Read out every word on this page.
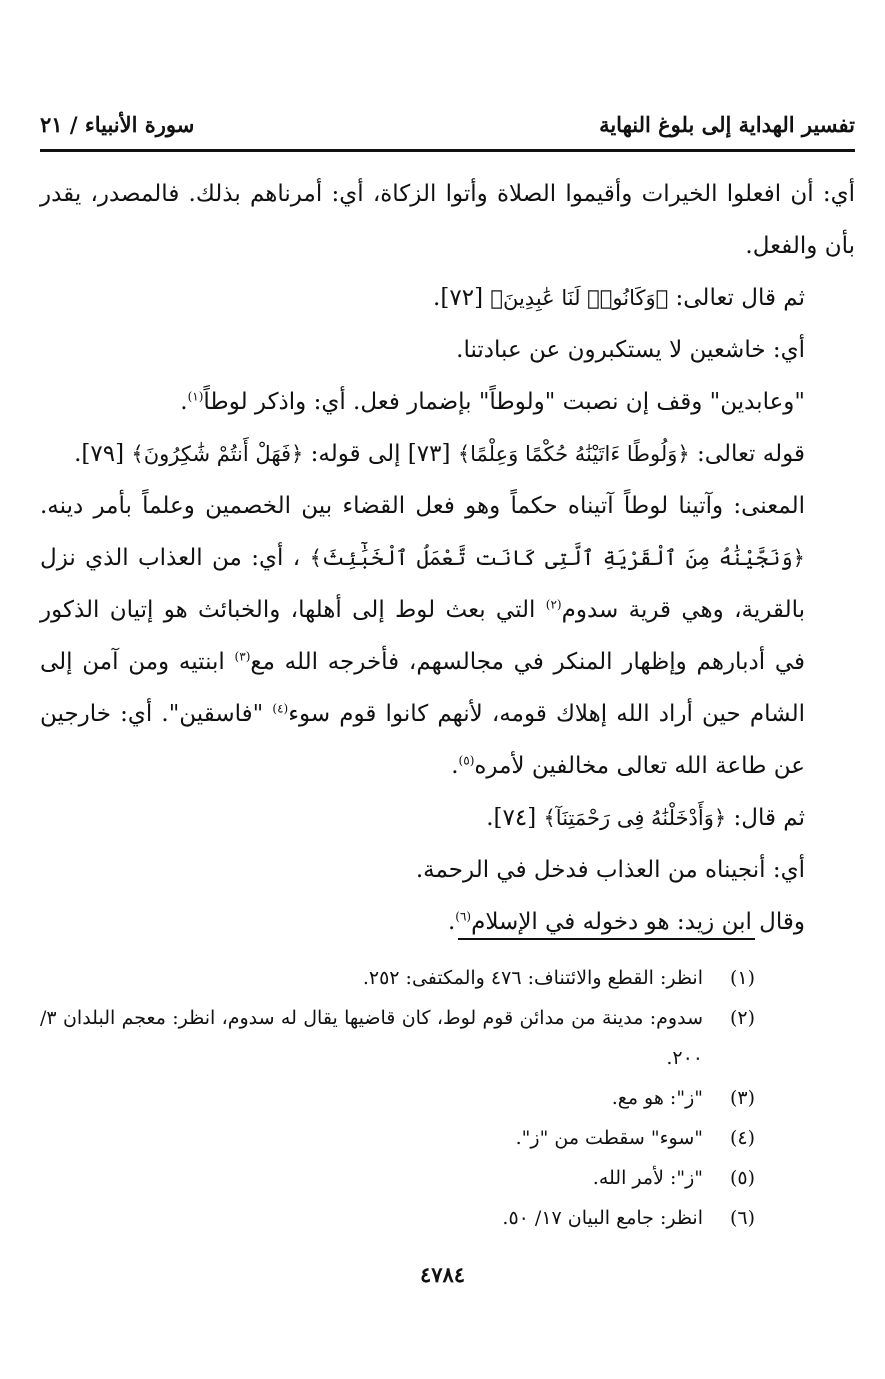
تفسير الهداية إلى بلوغ النهاية
سورة الأنبياء / ٢١

أي: أن افعلوا الخيرات وأقيموا الصلاة وأتوا الزكاة، أي: أمرناهم بذلك. فالمصدر، يقدر بأن والفعل.

ثم قال تعالى: ﴿وَكَانُوا۟ لَنَا عَٰبِدِينَ﴾ [٧٢].

أي: خاشعين لا يستكبرون عن عبادتنا.

"وعابدين" وقف إن نصبت "ولوطاً" بإضمار فعل. أي: واذكر لوطاً$^{(١)}$.

قوله تعالى: ﴿وَلُوطًا ءَاتَيْنَٰهُ حُكْمًا وَعِلْمًا﴾ [٧٣] إلى قوله: ﴿فَهَلْ أَنتُمْ شَٰكِرُونَ﴾ [٧٩].

المعنى: وآتينا لوطاً آتيناه حكماً وهو فعل القضاء بين الخصمين وعلماً بأمر دينه. ﴿وَنَجَّيْنَٰهُ مِنَ ٱلْقَرْيَةِ ٱلَّتِى كَانَت تَّعْمَلُ ٱلْخَبَٰٓئِثَ﴾ ، أي: من العذاب الذي نزل بالقرية، وهي قرية سدوم$^{(٢)}$ التي بعث لوط إلى أهلها، والخبائث هو إتيان الذكور في أدبارهم وإظهار المنكر في مجالسهم، فأخرجه الله مع$^{(٣)}$ ابنتيه ومن آمن إلى الشام حين أراد الله إهلاك قومه، لأنهم كانوا قوم سوء$^{(٤)}$ "فاسقين". أي: خارجين عن طاعة الله تعالى مخالفين لأمره$^{(٥)}$.

ثم قال: ﴿وَأَدْخَلْنَٰهُ فِى رَحْمَتِنَآ﴾ [٧٤].

أي: أنجيناه من العذاب فدخل في الرحمة.

وقال ابن زيد: هو دخوله في الإسلام$^{(٦)}$.

(١)
انظر: القطع والائتناف: ٤٧٦ والمكتفى: ٢٥٢.
(٢)
سدوم: مدينة من مدائن قوم لوط، كان قاضيها يقال له سدوم، انظر: معجم البلدان ٣/ ٢٠٠.
(٣)
"ز": هو مع.
(٤)
"سوء" سقطت من "ز".
(٥)
"ز": لأمر الله.
(٦)
انظر: جامع البيان ١٧/ ٥٠.
٤٧٨٤
